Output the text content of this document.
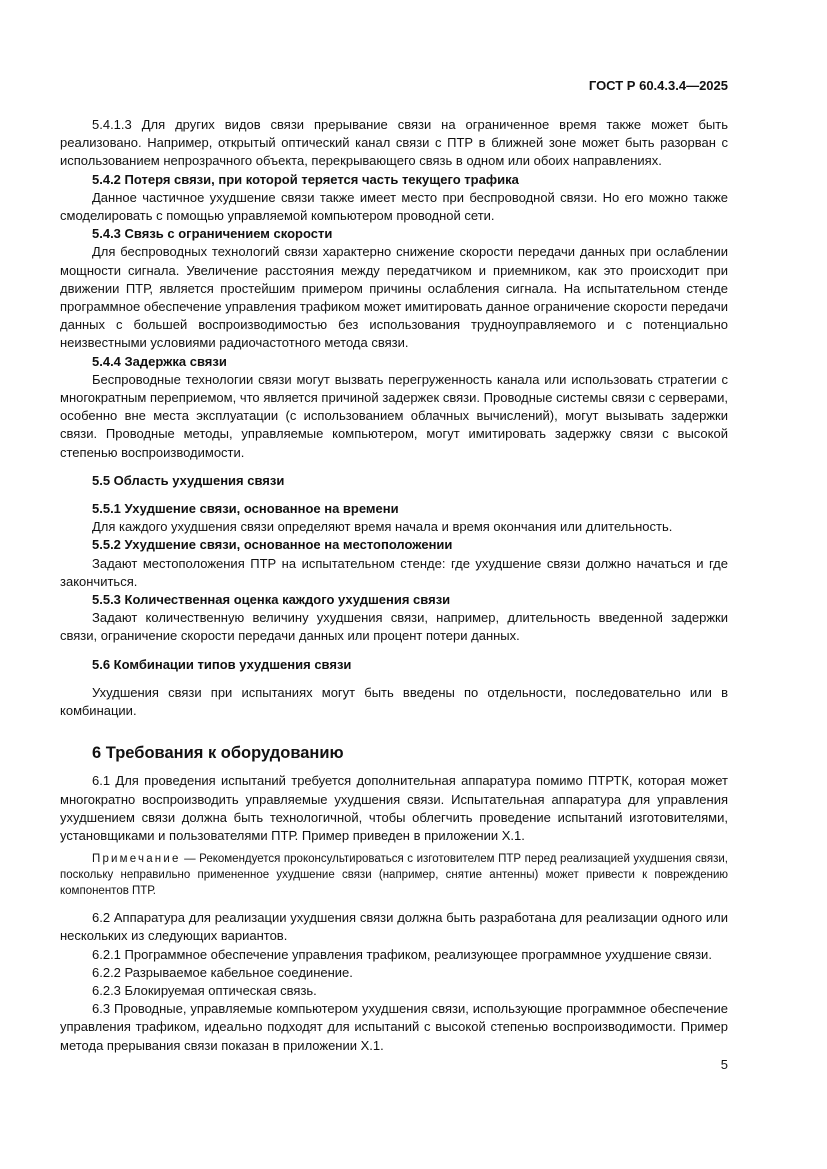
ГОСТ Р 60.4.3.4—2025

5.4.1.3 Для других видов связи прерывание связи на ограниченное время также может быть реализовано. Например, открытый оптический канал связи с ПТР в ближней зоне может быть разорван с использованием непрозрачного объекта, перекрывающего связь в одном или обоих направлениях.

5.4.2 Потеря связи, при которой теряется часть текущего трафика

Данное частичное ухудшение связи также имеет место при беспроводной связи. Но его можно также смоделировать с помощью управляемой компьютером проводной сети.

5.4.3 Связь с ограничением скорости

Для беспроводных технологий связи характерно снижение скорости передачи данных при ослаблении мощности сигнала. Увеличение расстояния между передатчиком и приемником, как это происходит при движении ПТР, является простейшим примером причины ослабления сигнала. На испытательном стенде программное обеспечение управления трафиком может имитировать данное ограничение скорости передачи данных с большей воспроизводимостью без использования трудноуправляемого и с потенциально неизвестными условиями радиочастотного метода связи.

5.4.4 Задержка связи

Беспроводные технологии связи могут вызвать перегруженность канала или использовать стратегии с многократным переприемом, что является причиной задержек связи. Проводные системы связи с серверами, особенно вне места эксплуатации (с использованием облачных вычислений), могут вызывать задержки связи. Проводные методы, управляемые компьютером, могут имитировать задержку связи с высокой степенью воспроизводимости.

5.5 Область ухудшения связи

5.5.1 Ухудшение связи, основанное на времени

Для каждого ухудшения связи определяют время начала и время окончания или длительность.

5.5.2 Ухудшение связи, основанное на местоположении

Задают местоположения ПТР на испытательном стенде: где ухудшение связи должно начаться и где закончиться.

5.5.3 Количественная оценка каждого ухудшения связи

Задают количественную величину ухудшения связи, например, длительность введенной задержки связи, ограничение скорости передачи данных или процент потери данных.

5.6 Комбинации типов ухудшения связи

Ухудшения связи при испытаниях могут быть введены по отдельности, последовательно или в комбинации.

6 Требования к оборудованию

6.1 Для проведения испытаний требуется дополнительная аппаратура помимо ПТРТК, которая может многократно воспроизводить управляемые ухудшения связи. Испытательная аппаратура для управления ухудшением связи должна быть технологичной, чтобы облегчить проведение испытаний изготовителями, установщиками и пользователями ПТР. Пример приведен в приложении Х.1.

Примечание — Рекомендуется проконсультироваться с изготовителем ПТР перед реализацией ухудшения связи, поскольку неправильно примененное ухудшение связи (например, снятие антенны) может привести к повреждению компонентов ПТР.

6.2 Аппаратура для реализации ухудшения связи должна быть разработана для реализации одного или нескольких из следующих вариантов.

6.2.1 Программное обеспечение управления трафиком, реализующее программное ухудшение связи.

6.2.2 Разрываемое кабельное соединение.

6.2.3 Блокируемая оптическая связь.

6.3 Проводные, управляемые компьютером ухудшения связи, использующие программное обеспечение управления трафиком, идеально подходят для испытаний с высокой степенью воспроизводимости. Пример метода прерывания связи показан в приложении Х.1.

5
